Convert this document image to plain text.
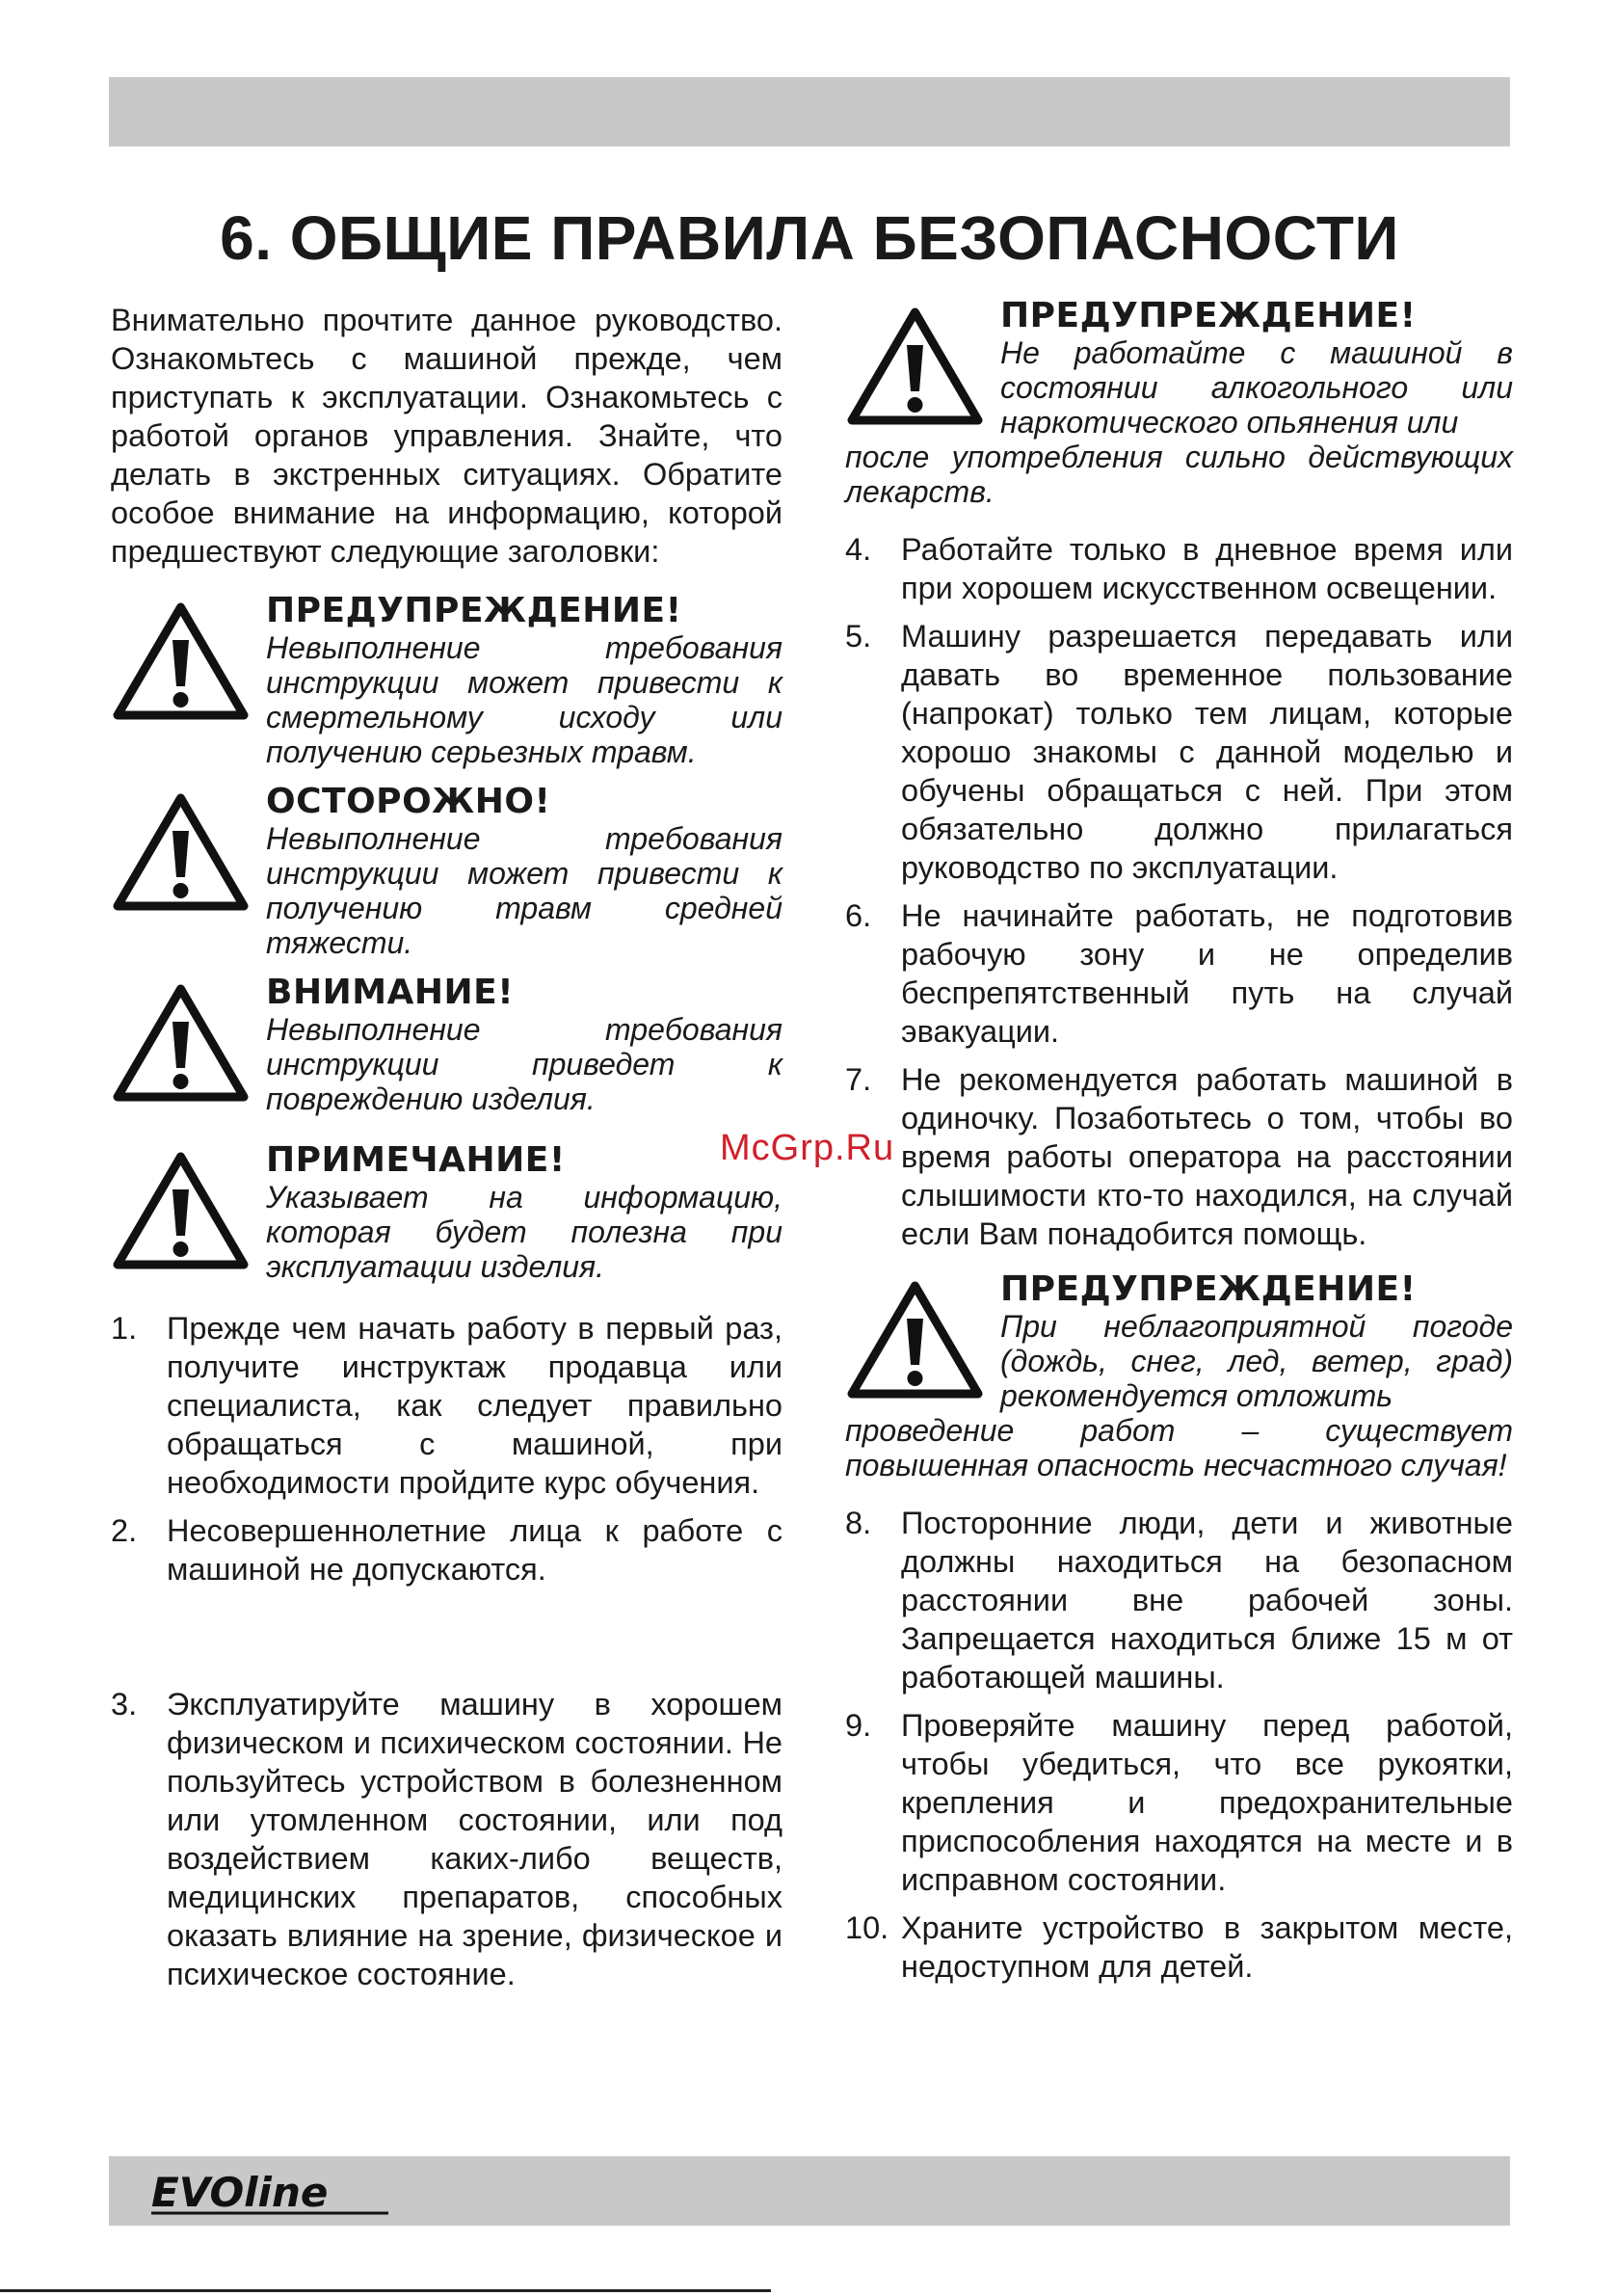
6. ОБЩИЕ ПРАВИЛА БЕЗОПАСНОСТИ

Внимательно прочтите данное руководство. Ознакомьтесь с машиной прежде, чем приступать к эксплуатации. Ознакомьтесь с работой органов управления. Знайте, что делать в экстренных ситуациях. Обратите особое внимание на информацию, которой предшествуют следующие заголовки:

ПРЕДУПРЕЖДЕНИЕ!
Невыполнение требования инструкции может привести к смертельному исходу или получению серьезных травм.
ОСТОРОЖНО!
Невыполнение требования инструкции может привести к получению травм средней тяжести.
ВНИМАНИЕ!
Невыполнение требования инструкции приведет к повреждению изделия.
ПРИМЕЧАНИЕ!
Указывает на информацию, которая будет полезна при эксплуатации изделия.
1. Прежде чем начать работу в первый раз, получите инструктаж продавца или специалиста, как следует правильно обращаться с машиной, при необходимости пройдите курс обучения.
2. Несовершеннолетние лица к работе с машиной не допускаются.
3. Эксплуатируйте машину в хорошем физическом и психическом состоянии. Не пользуйтесь устройством в болезненном или утомленном состоянии, или под воздействием каких-либо веществ, медицинских препаратов, способных оказать влияние на зрение, физическое и психическое состояние.
ПРЕДУПРЕЖДЕНИЕ!
Не работайте с машиной в состоянии алкогольного или наркотического опьянения или
после употребления сильно действующих лекарств.
4. Работайте только в дневное время или при хорошем искусственном освещении.
5. Машину разрешается передавать или давать во временное пользование (напрокат) только тем лицам, которые хорошо знакомы с данной моделью и обучены обращаться с ней. При этом обязательно должно прилагаться руководство по эксплуатации.
6. Не начинайте работать, не подготовив рабочую зону и не определив беспрепятственный путь на случай эвакуации.
7. Не рекомендуется работать машиной в одиночку. Позаботьтесь о том, чтобы во время работы оператора на расстоянии слышимости кто-то находился, на случай если Вам понадобится помощь.
ПРЕДУПРЕЖДЕНИЕ!
При неблагоприятной погоде (дождь, снег, лед, ветер, град) рекомендуется отложить
проведение работ – существует повышенная опасность несчастного случая!
8. Посторонние люди, дети и животные должны находиться на безопасном расстоянии вне рабочей зоны. Запрещается находиться ближе 15 м от работающей машины.
9. Проверяйте машину перед работой, чтобы убедиться, что все рукоятки, крепления и предохранительные приспособления находятся на месте и в исправном состоянии.
10. Храните устройство в закрытом месте, недоступном для детей.
McGrp.Ru
EVOline
